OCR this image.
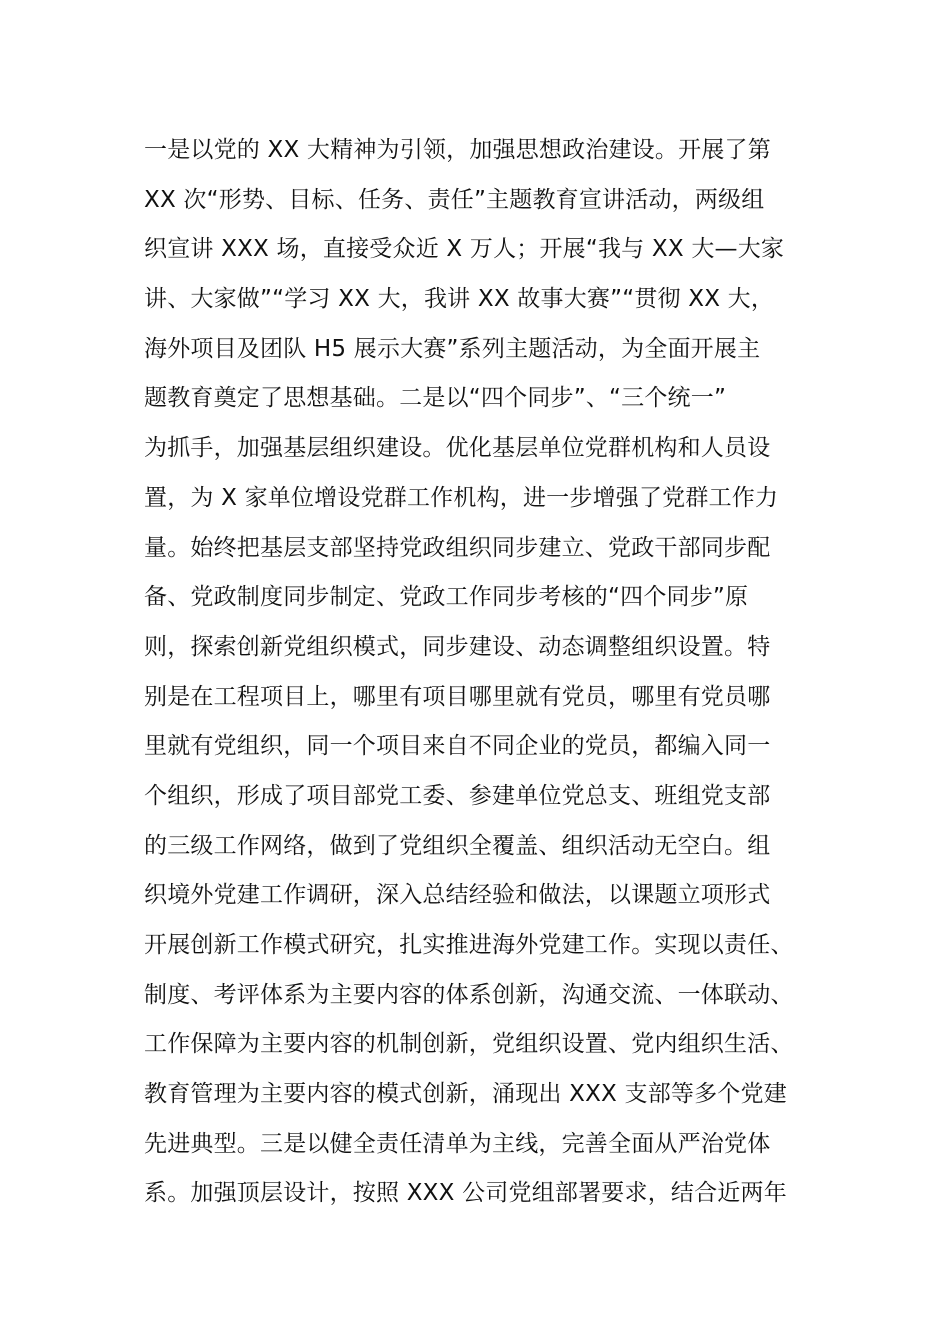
一是以党的 XX 大精神为引领，加强思想政治建设。开展了第
XX 次“形势、目标、任务、责任”主题教育宣讲活动，两级组
织宣讲 XXX 场，直接受众近 X 万人；开展“我与 XX 大—大家
讲、大家做”“学习 XX 大，我讲 XX 故事大赛”“贯彻 XX 大，
海外项目及团队 H5 展示大赛”系列主题活动，为全面开展主
题教育奠定了思想基础。二是以“四个同步”、“三个统一”
为抓手，加强基层组织建设。优化基层单位党群机构和人员设
置，为 X 家单位增设党群工作机构，进一步增强了党群工作力
量。始终把基层支部坚持党政组织同步建立、党政干部同步配
备、党政制度同步制定、党政工作同步考核的“四个同步”原
则，探索创新党组织模式，同步建设、动态调整组织设置。特
别是在工程项目上，哪里有项目哪里就有党员，哪里有党员哪
里就有党组织，同一个项目来自不同企业的党员，都编入同一
个组织，形成了项目部党工委、参建单位党总支、班组党支部
的三级工作网络，做到了党组织全覆盖、组织活动无空白。组
织境外党建工作调研，深入总结经验和做法，以课题立项形式
开展创新工作模式研究，扎实推进海外党建工作。实现以责任、
制度、考评体系为主要内容的体系创新，沟通交流、一体联动、
工作保障为主要内容的机制创新，党组织设置、党内组织生活、
教育管理为主要内容的模式创新，涌现出 XXX 支部等多个党建
先进典型。三是以健全责任清单为主线，完善全面从严治党体
系。加强顶层设计，按照 XXX 公司党组部署要求，结合近两年
